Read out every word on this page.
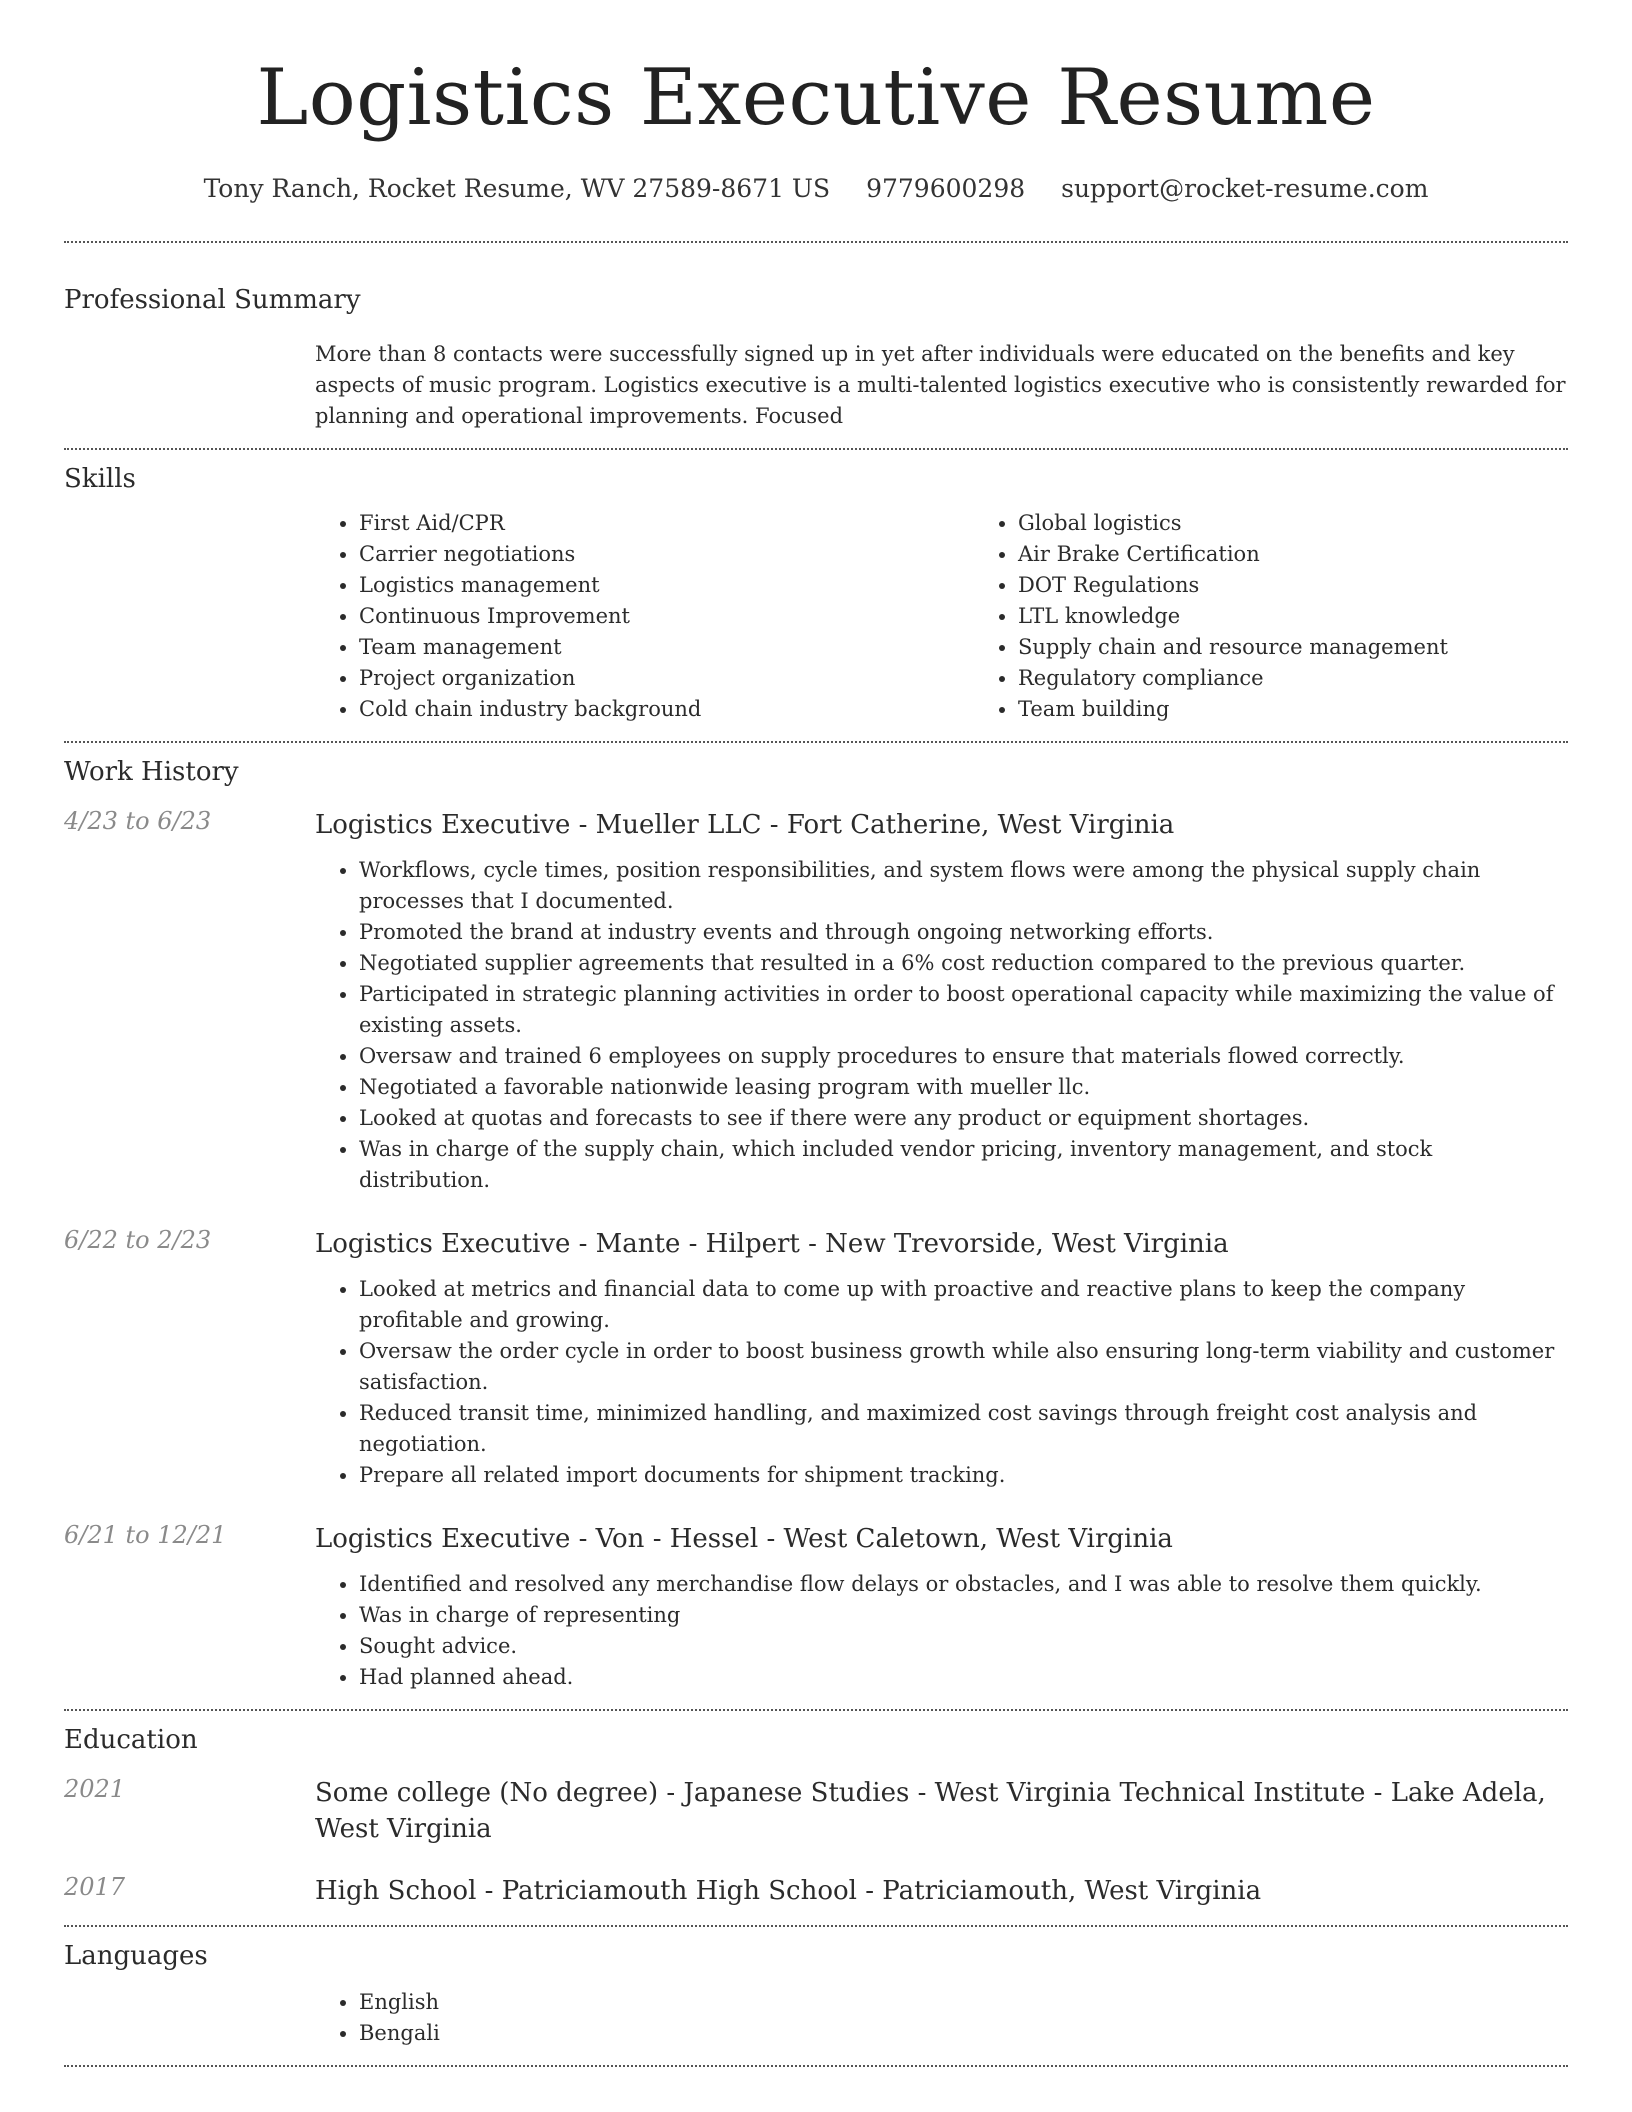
Logistics Executive Resume
Tony Ranch, Rocket Resume, WV 27589-8671 US 9779600298 support@rocket-resume.com
Professional Summary
More than 8 contacts were successfully signed up in yet after individuals were educated on the benefits and key aspects of music program. Logistics executive is a multi-talented logistics executive who is consistently rewarded for planning and operational improvements. Focused
Skills
• First Aid/CPR
• Carrier negotiations
• Logistics management
• Continuous Improvement
• Team management
• Project organization
• Cold chain industry background
• Global logistics
• Air Brake Certification
• DOT Regulations
• LTL knowledge
• Supply chain and resource management
• Regulatory compliance
• Team building
Work History
4/23 to 6/23	Logistics Executive - Mueller LLC - Fort Catherine, West Virginia
• Workflows, cycle times, position responsibilities, and system flows were among the physical supply chain processes that I documented.
• Promoted the brand at industry events and through ongoing networking efforts.
• Negotiated supplier agreements that resulted in a 6% cost reduction compared to the previous quarter.
• Participated in strategic planning activities in order to boost operational capacity while maximizing the value of existing assets.
• Oversaw and trained 6 employees on supply procedures to ensure that materials flowed correctly.
• Negotiated a favorable nationwide leasing program with mueller llc.
• Looked at quotas and forecasts to see if there were any product or equipment shortages.
• Was in charge of the supply chain, which included vendor pricing, inventory management, and stock distribution.
6/22 to 2/23	Logistics Executive - Mante - Hilpert - New Trevorside, West Virginia
• Looked at metrics and financial data to come up with proactive and reactive plans to keep the company profitable and growing.
• Oversaw the order cycle in order to boost business growth while also ensuring long-term viability and customer satisfaction.
• Reduced transit time, minimized handling, and maximized cost savings through freight cost analysis and negotiation.
• Prepare all related import documents for shipment tracking.
6/21 to 12/21	Logistics Executive - Von - Hessel - West Caletown, West Virginia
• Identified and resolved any merchandise flow delays or obstacles, and I was able to resolve them quickly.
• Was in charge of representing
• Sought advice.
• Had planned ahead.
Education
2021	Some college (No degree) - Japanese Studies - West Virginia Technical Institute - Lake Adela, West Virginia
2017	High School - Patriciamouth High School - Patriciamouth, West Virginia
Languages
• English
• Bengali
